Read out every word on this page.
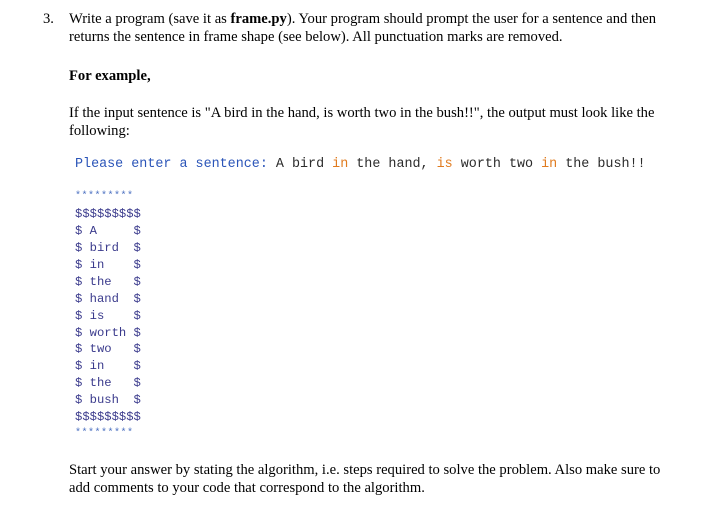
3. Write a program (save it as frame.py). Your program should prompt the user for a sentence and then returns the sentence in frame shape (see below). All punctuation marks are removed.
For example,
If the input sentence is "A bird in the hand, is worth two in the bush!!", the output must look like the following:
Please enter a sentence: A bird in the hand, is worth two in the bush!!
*********
$$$$$$$$$
$ A     $
$ bird  $
$ in    $
$ the   $
$ hand  $
$ is    $
$ worth $
$ two   $
$ in    $
$ the   $
$ bush  $
$$$$$$$$$
*********
Start your answer by stating the algorithm, i.e. steps required to solve the problem. Also make sure to add comments to your code that correspond to the algorithm.
